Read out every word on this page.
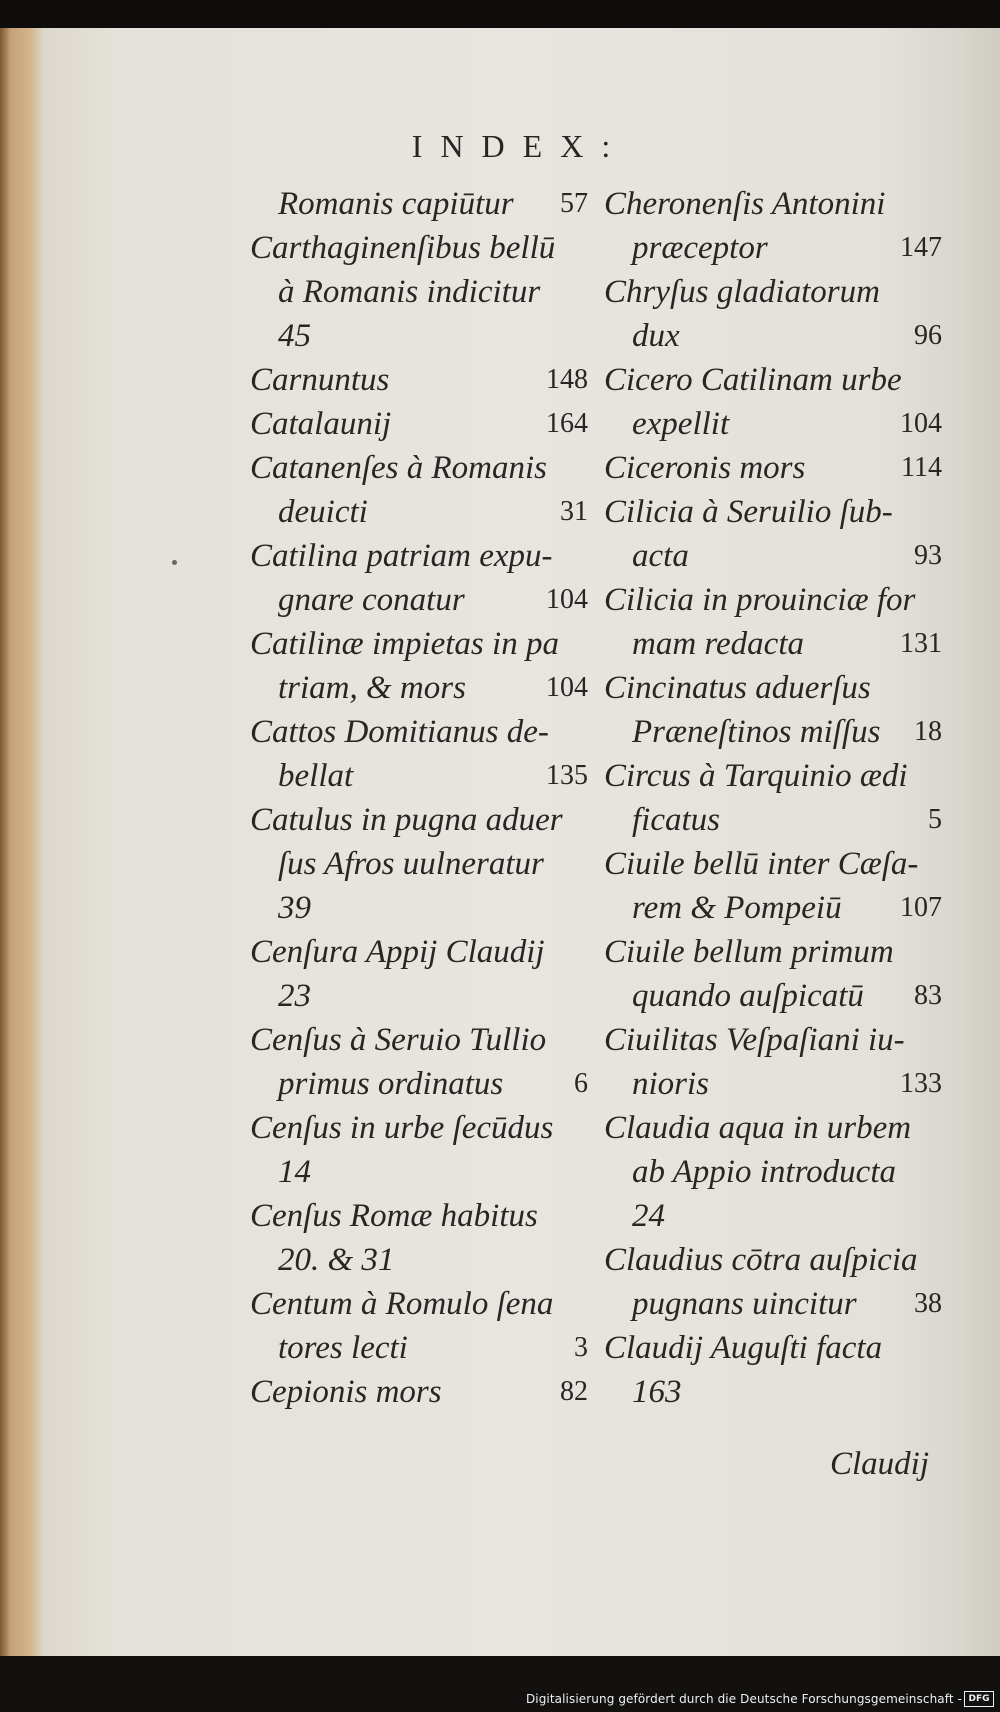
INDEX:
Romanis capiūtur 57
Carthaginenſibus bellū
à Romanis indicitur
45
Carnuntus	148
Catalaunij	164
Catanenſes à Romanis
deuicti	31
Catilina patriam expu-
gnare conatur	104
Catilinæ impietas in pa
triam, & mors	104
Cattos Domitianus de-
bellat	135
Catulus in pugna aduer
ſus Afros uulneratur
39
Cenſura Appij Claudij
23
Cenſus à Seruio Tullio
primus ordinatus	6
Cenſus in urbe ſecūdus
14
Cenſus Romæ habitus
20. & 31
Centum à Romulo ſena
tores lecti	3
Cepionis mors	82
Cheronenſis Antonini
præceptor	147
Chryſus gladiatorum
dux	96
Cicero Catilinam urbe
expellit	104
Ciceronis mors	114
Cilicia à Seruilio ſub-
acta	93
Cilicia in prouinciæ for
mam redacta	131
Cincinatus aduerſus
Præneſtinos miſſus 18
Circus à Tarquinio ædi
ficatus	5
Ciuile bellū inter Cæſa-
rem & Pompeiū 107
Ciuile bellum primum
quando auſpicatū 83
Ciuilitas Veſpaſiani iu-
nioris	133
Claudia aqua in urbem
ab Appio introducta
24
Claudius cōtra auſpicia
pugnans uincitur 38
Claudij Auguſti facta
163
Claudij
Digitalisierung gefördert durch die Deutsche Forschungsgemeinschaft - DFG
